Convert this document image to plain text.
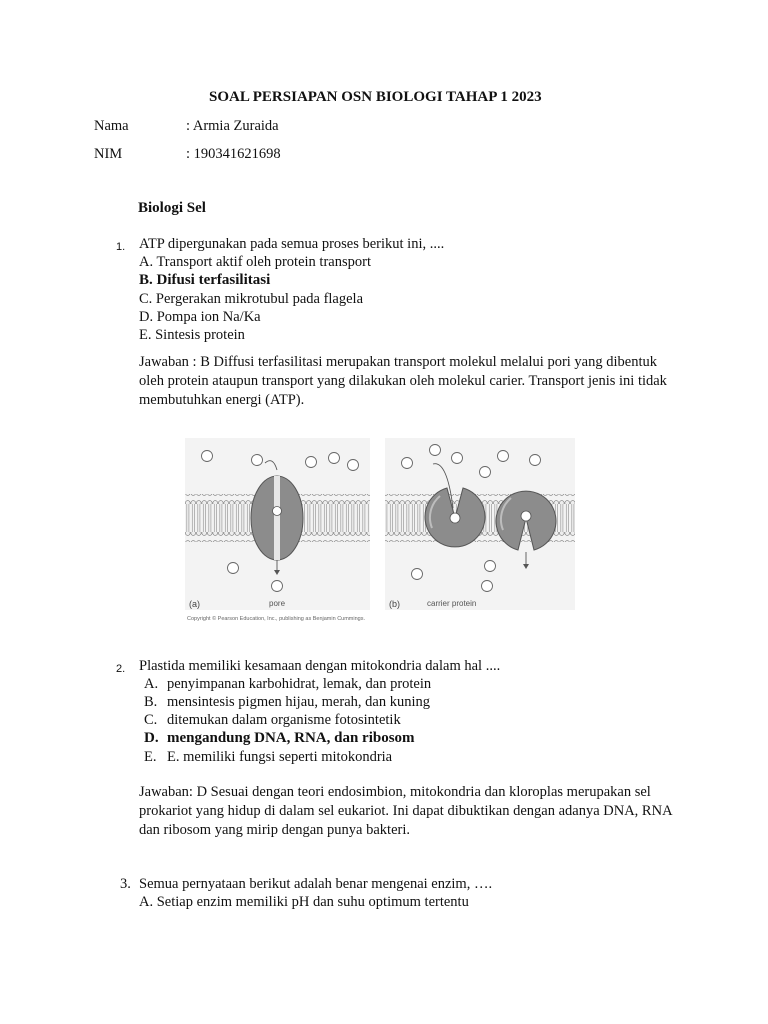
SOAL PERSIAPAN OSN BIOLOGI TAHAP 1 2023
Nama	: Armia Zuraida
NIM	: 190341621698
Biologi Sel
1. ATP dipergunakan pada semua proses berikut ini, ....
A. Transport aktif oleh protein transport
B. Difusi terfasilitasi
C. Pergerakan mikrotubul pada flagela
D. Pompa ion Na/Ka
E. Sintesis protein
Jawaban : B Diffusi terfasilitasi merupakan transport molekul melalui pori yang dibentuk oleh protein ataupun transport yang dilakukan oleh molekul carier. Transport jenis ini tidak membutuhkan energi (ATP).
(a)	pore	(b)	carrier protein
Copyright © Pearson Education, Inc., publishing as Benjamin Cummings.
2. Plastida memiliki kesamaan dengan mitokondria dalam hal ....
A. penyimpanan karbohidrat, lemak, dan protein
B. mensintesis pigmen hijau, merah, dan kuning
C. ditemukan dalam organisme fotosintetik
D. mengandung DNA, RNA, dan ribosom
E. E. memiliki fungsi seperti mitokondria
Jawaban: D Sesuai dengan teori endosimbion, mitokondria dan kloroplas merupakan sel prokariot yang hidup di dalam sel eukariot. Ini dapat dibuktikan dengan adanya DNA, RNA dan ribosom yang mirip dengan punya bakteri.
3. Semua pernyataan berikut adalah benar mengenai enzim, ….
A. Setiap enzim memiliki pH dan suhu optimum tertentu
